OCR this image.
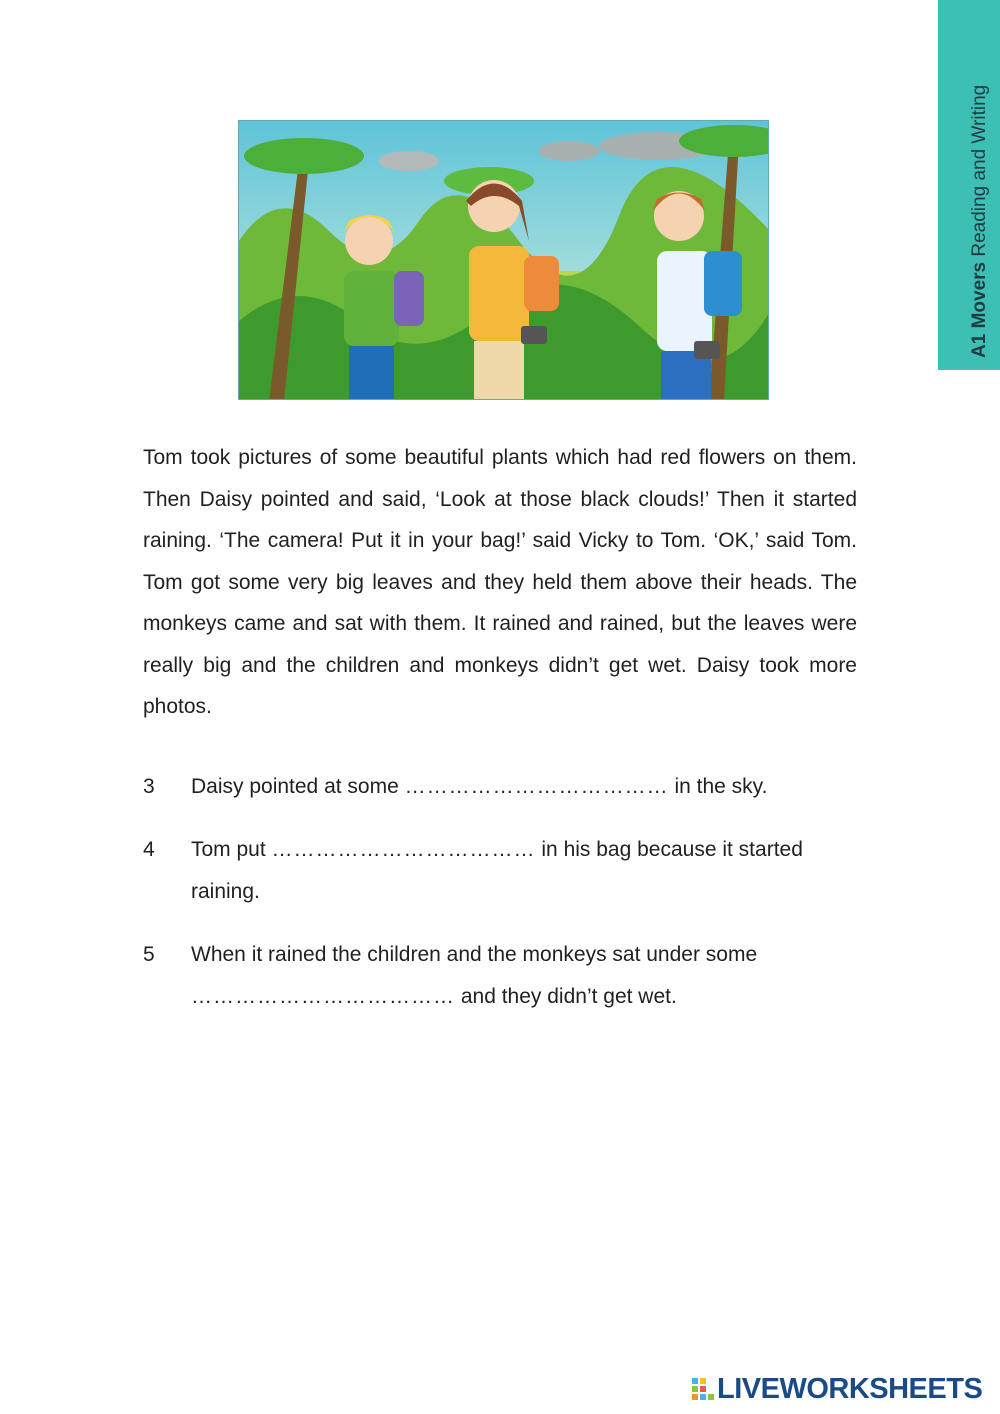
A1 Movers Reading and Writing

Tom took pictures of some beautiful plants which had red flowers on them. Then Daisy pointed and said, ‘Look at those black clouds!’ Then it started raining. ‘The camera! Put it in your bag!’ said Vicky to Tom. ‘OK,’ said Tom. Tom got some very big leaves and they held them above their heads. The monkeys came and sat with them. It rained and rained, but the leaves were really big and the children and monkeys didn’t get wet. Daisy took more photos.

3 Daisy pointed at some ……………………………… in the sky.
4 Tom put ……………………………… in his bag because it started raining.
5 When it rained the children and the monkeys sat under some ……………………………… and they didn’t get wet.
LIVEWORKSHEETS
